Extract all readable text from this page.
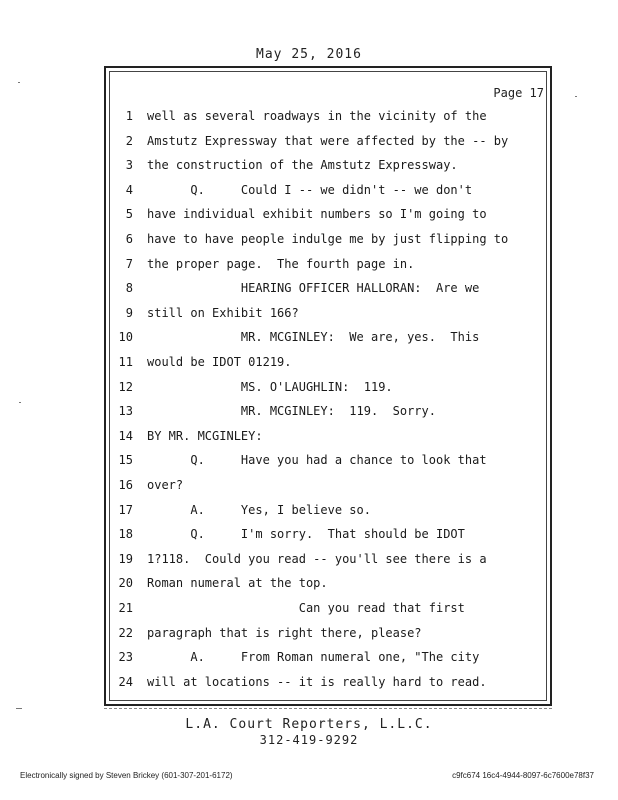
May 25, 2016
Page 17
1 well as several roadways in the vicinity of the
2 Amstutz Expressway that were affected by the -- by
3 the construction of the Amstutz Expressway.
4 Q.     Could I -- we didn't -- we don't
5 have individual exhibit numbers so I'm going to
6 have to have people indulge me by just flipping to
7 the proper page.  The fourth page in.
8 HEARING OFFICER HALLORAN:  Are we
9 still on Exhibit 166?
10 MR. MCGINLEY:  We are, yes.  This
11 would be IDOT 01219.
12 MS. O'LAUGHLIN:  119.
13 MR. MCGINLEY:  119.  Sorry.
14 BY MR. MCGINLEY:
15 Q.     Have you had a chance to look that
16 over?
17 A.     Yes, I believe so.
18 Q.     I'm sorry.  That should be IDOT
19 1?118.  Could you read -- you'll see there is a
20 Roman numeral at the top.
21 Can you read that first
22 paragraph that is right there, please?
23 A.     From Roman numeral one, "The city
24 will at locations -- it is really hard to read.
L.A. Court Reporters, L.L.C.
312-419-9292
Electronically signed by Steven Brickey (601-307-201-6172)	c9fc674 16c4-4944-8097-6c7600e78f37
